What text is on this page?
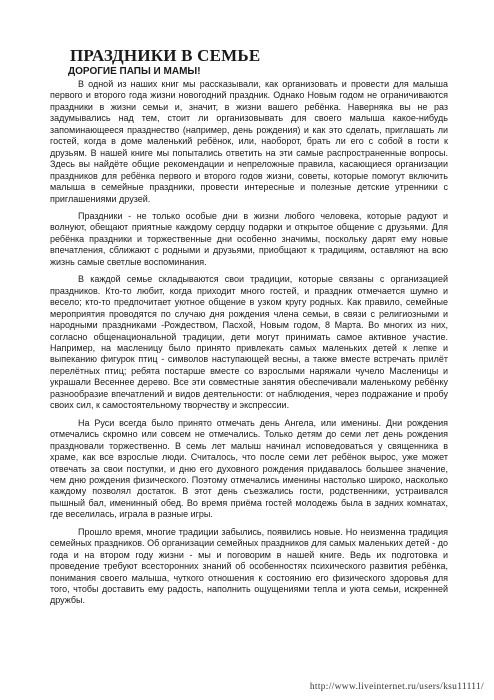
ПРАЗДНИКИ В СЕМЬЕ
ДОРОГИЕ ПАПЫ И МАМЫ!

В одной из наших книг мы рассказывали, как организовать и провести для малыша первого и второго года жизни новогодний праздник. Однако Новым годом не ограничиваются праздники в жизни семьи и, значит, в жизни вашего ребёнка. Наверняка вы не раз задумывались над тем, стоит ли организовывать для своего малыша какое-нибудь запоминающееся празднество (например, день рождения) и как это сделать, приглашать ли гостей, когда в доме маленький ребёнок, или, наоборот, брать ли его с собой в гости к друзьям. В нашей книге мы попытались ответить на эти самые распространенные вопросы. Здесь вы найдёте общие рекомендации и непреложные правила, касающиеся организации праздников для ребёнка первого и второго годов жизни, советы, которые помогут включить малыша в семейные праздники, провести интересные и полезные детские утренники с приглашениями друзей.

Праздники - не только особые дни в жизни любого человека, которые радуют и волнуют, обещают приятные каждому сердцу подарки и открытое общение с друзьями. Для ребёнка праздники и торжественные дни особенно значимы, поскольку дарят ему новые впечатления, сближают с родными и друзьями, приобщают к традициям, оставляют на всю жизнь самые светлые воспоминания.

В каждой семье складываются свои традиции, которые связаны с организацией праздников. Кто-то любит, когда приходит много гостей, и праздник отмечается шумно и весело; кто-то предпочитает уютное общение в узком кругу родных. Как правило, семейные мероприятия проводятся по случаю дня рождения члена семьи, в связи с религиозными и народными праздниками -Рождеством, Пасхой, Новым годом, 8 Марта. Во многих из них, согласно общенациональной традиции, дети могут принимать самое активное участие. Например, на масленицу было принято привлекать самых маленьких детей к лепке и выпеканию фигурок птиц - символов наступающей весны, а также вместе встречать прилёт перелётных птиц; ребята постарше вместе со взрослыми наряжали чучело Масленицы и украшали Весеннее дерево. Все эти совместные занятия обеспечивали маленькому ребёнку разнообразие впечатлений и видов деятельности: от наблюдения, через подражание и пробу своих сил, к самостоятельному творчеству и экспрессии.

На Руси всегда было принято отмечать день Ангела, или именины. Дни рождения отмечались скромно или совсем не отмечались. Только детям до семи лет день рождения праздновали торжественно. В семь лет малыш начинал исповедоваться у священника в храме, как все взрослые люди. Считалось, что после семи лет ребёнок вырос, уже может отвечать за свои поступки, и дню его духовного рождения придавалось большее значение, чем дню рождения физического. Поэтому отмечались именины настолько широко, насколько каждому позволял достаток. В этот день съезжались гости, родственники, устраивался пышный бал, именинный обед. Во время приёма гостей молодежь была в задних комнатах, где веселилась, играла в разные игры.

Прошло время, многие традиции забылись, появились новые. Но неизменна традиция семейных праздников. Об организации семейных праздников для самых маленьких детей - до года и на втором году жизни - мы и поговорим в нашей книге. Ведь их подготовка и проведение требуют всесторонних знаний об особенностях психического развития ребёнка, понимания своего малыша, чуткого отношения к состоянию его физического здоровья для того, чтобы доставить ему радость, наполнить ощущениями тепла и уюта семьи, искренней дружбы.

http://www.liveinternet.ru/users/ksu11111/
